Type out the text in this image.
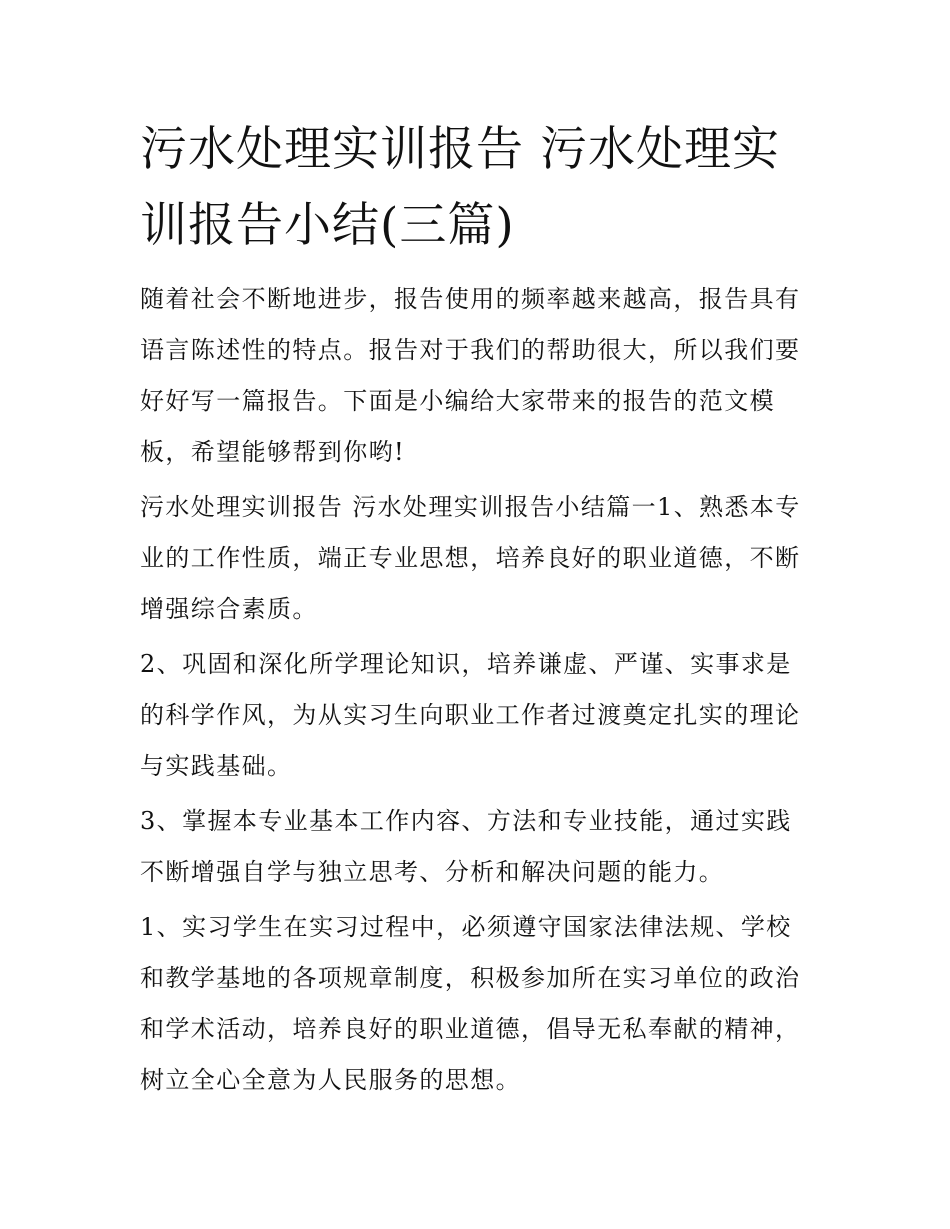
污水处理实训报告 污水处理实训报告小结(三篇)

随着社会不断地进步，报告使用的频率越来越高，报告具有语言陈述性的特点。报告对于我们的帮助很大，所以我们要好好写一篇报告。下面是小编给大家带来的报告的范文模板，希望能够帮到你哟!

污水处理实训报告 污水处理实训报告小结篇一1、熟悉本专业的工作性质，端正专业思想，培养良好的职业道德，不断增强综合素质。

2、巩固和深化所学理论知识，培养谦虚、严谨、实事求是的科学作风，为从实习生向职业工作者过渡奠定扎实的理论与实践基础。

3、掌握本专业基本工作内容、方法和专业技能，通过实践不断增强自学与独立思考、分析和解决问题的能力。

1、实习学生在实习过程中，必须遵守国家法律法规、学校和教学基地的各项规章制度，积极参加所在实习单位的政治和学术活动，培养良好的职业道德，倡导无私奉献的精神，树立全心全意为人民服务的思想。
